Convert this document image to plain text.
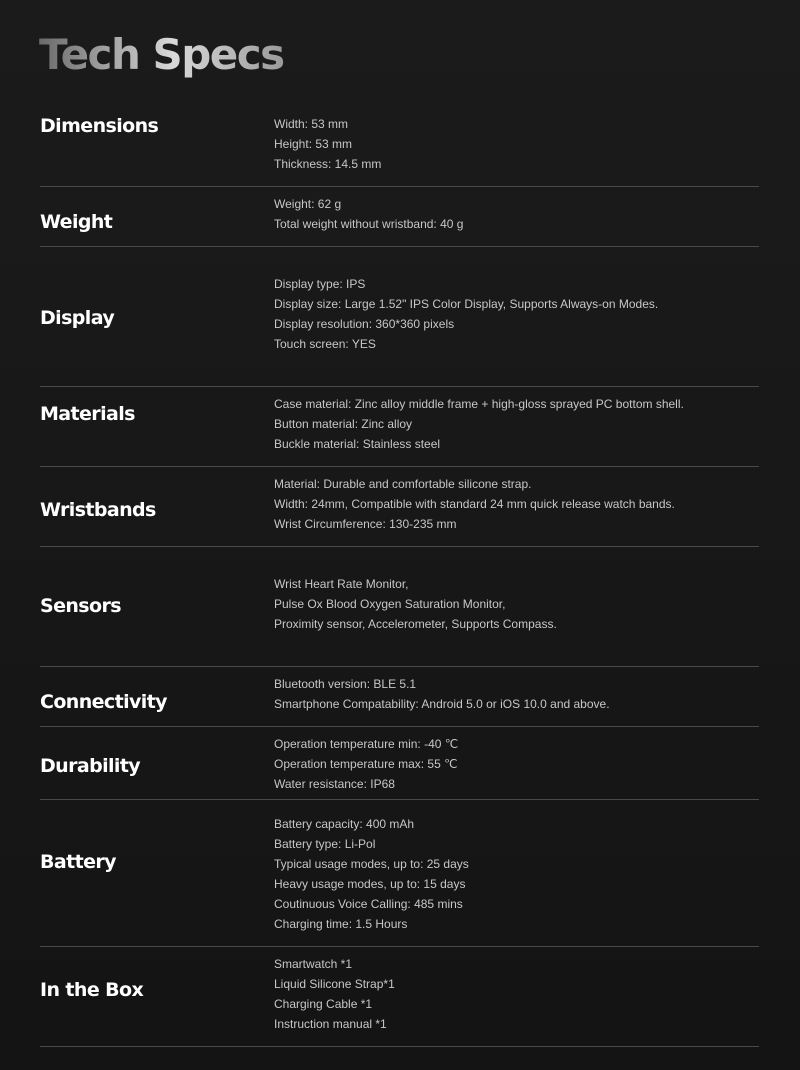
Tech Specs
Dimensions	Width: 53 mm
Height: 53 mm
Thickness: 14.5 mm
Weight
Weight: 62 g
Total weight without wristband: 40 g
Display
Display type: IPS
Display size: Large 1.52" IPS Color Display, Supports Always-on Modes.
Display resolution: 360*360 pixels
Touch screen: YES
Materials	Case material: Zinc alloy middle frame + high-gloss sprayed PC bottom shell.
Button material: Zinc alloy
Buckle material: Stainless steel
Wristbands
Material: Durable and comfortable silicone strap.
Width: 24mm, Compatible with standard 24 mm quick release watch bands.
Wrist Circumference: 130-235 mm
Sensors
Wrist Heart Rate Monitor,
Pulse Ox Blood Oxygen Saturation Monitor,
Proximity sensor, Accelerometer, Supports Compass.
Connectivity
Bluetooth version: BLE 5.1
Smartphone Compatability: Android 5.0 or iOS 10.0 and above.
Durability
Operation temperature min: -40 ℃
Operation temperature max: 55 ℃
Water resistance: IP68
Battery
Battery capacity: 400 mAh
Battery type: Li-Pol
Typical usage modes, up to: 25 days
Heavy usage modes, up to: 15 days
Coutinuous Voice Calling: 485 mins
Charging time: 1.5 Hours
In the Box
Smartwatch *1
Liquid Silicone Strap*1
Charging Cable *1
Instruction manual *1
